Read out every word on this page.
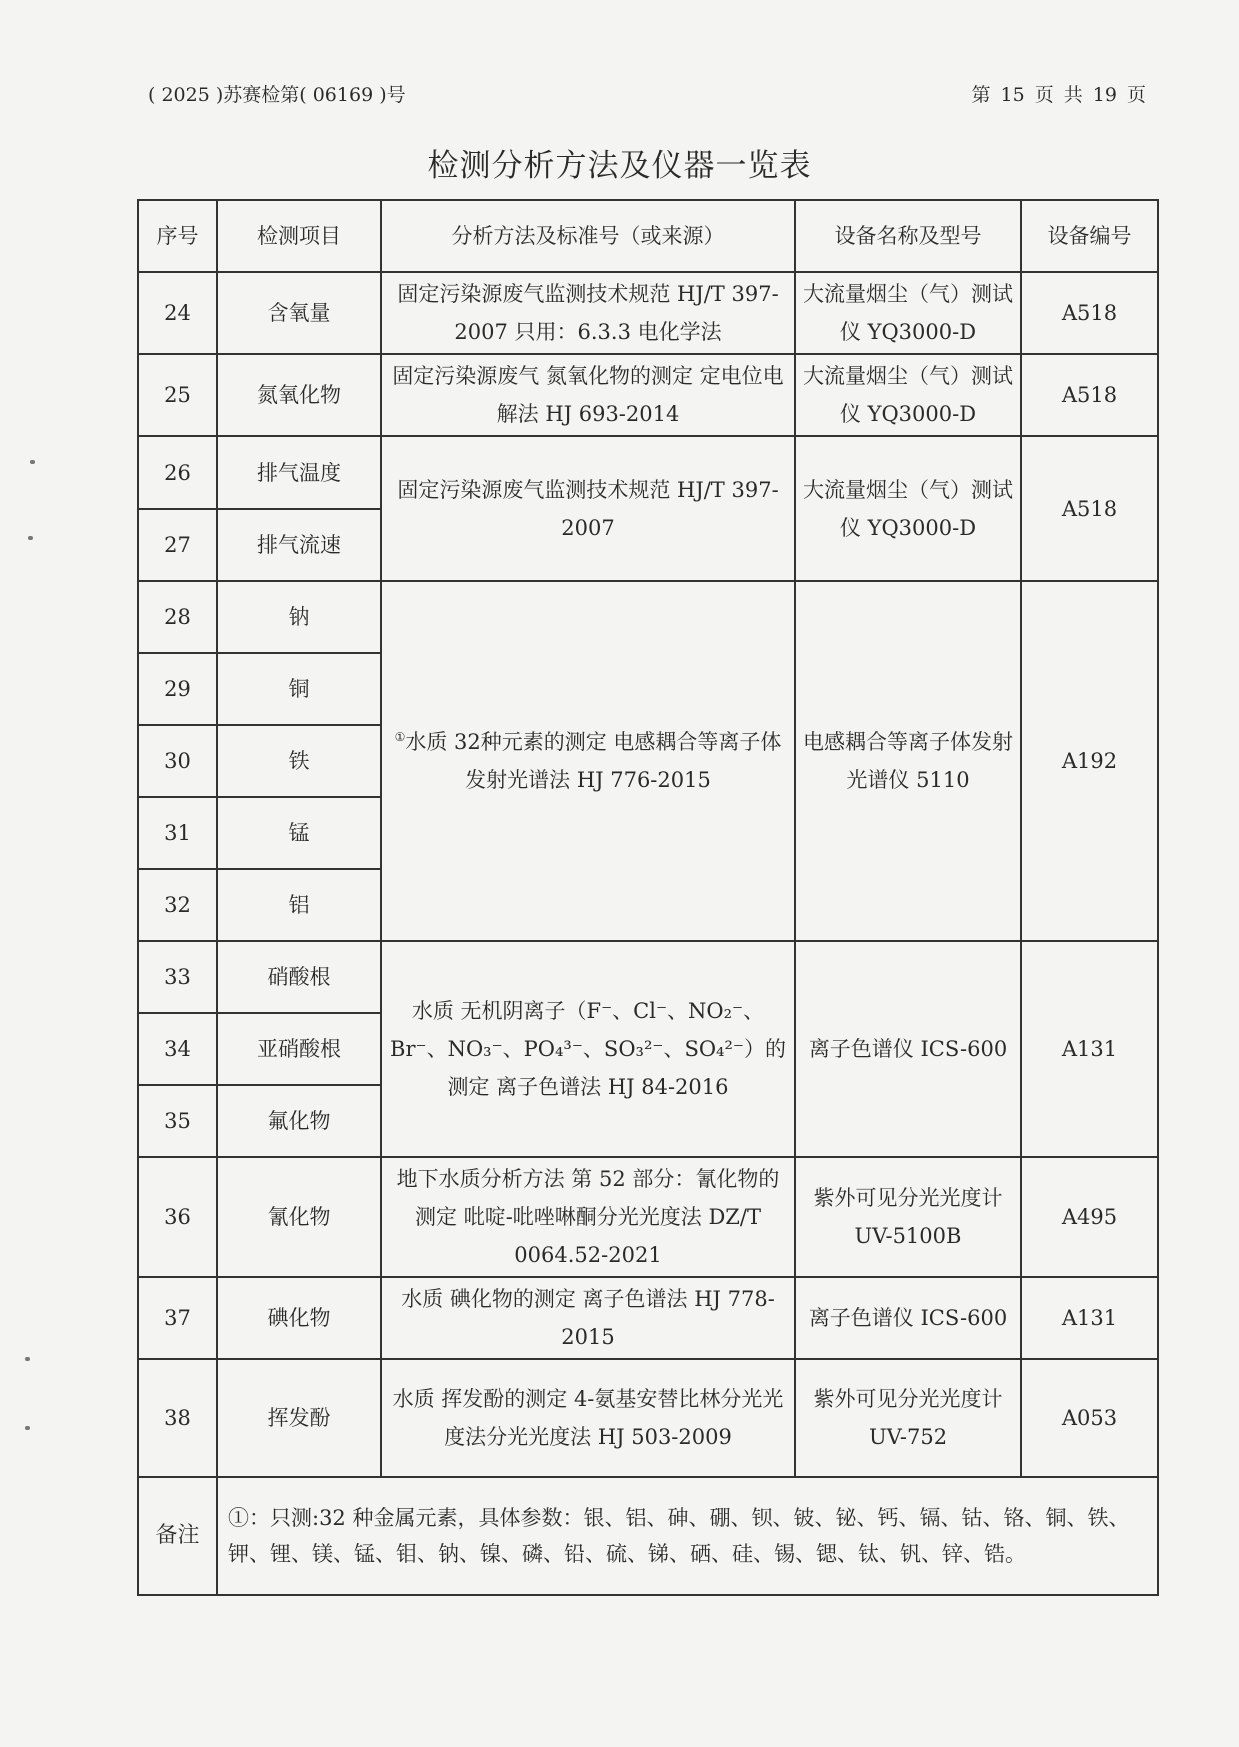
( 2025 )苏赛检第( 06169 )号	第 15 页 共 19 页
检测分析方法及仪器一览表
序号	检测项目	分析方法及标准号（或来源）	设备名称及型号	设备编号
24	含氧量	固定污染源废气监测技术规范 HJ/T 397-2007 只用：6.3.3 电化学法	大流量烟尘（气）测试仪 YQ3000-D	A518
25	氮氧化物	固定污染源废气 氮氧化物的测定 定电位电解法 HJ 693-2014	大流量烟尘（气）测试仪 YQ3000-D	A518
26	排气温度	固定污染源废气监测技术规范 HJ/T 397-2007	大流量烟尘（气）测试仪 YQ3000-D	A518
27	排气流速			
28	钠	①水质 32种元素的测定 电感耦合等离子体发射光谱法 HJ 776-2015	电感耦合等离子体发射光谱仪 5110	A192
29	铜			
30	铁			
31	锰			
32	铝			
33	硝酸根	水质 无机阴离子（F⁻、Cl⁻、NO₂⁻、Br⁻、NO₃⁻、PO₄³⁻、SO₃²⁻、SO₄²⁻）的测定 离子色谱法 HJ 84-2016	离子色谱仪 ICS-600	A131
34	亚硝酸根			
35	氟化物			
36	氰化物	地下水质分析方法 第 52 部分：氰化物的测定 吡啶-吡唑啉酮分光光度法 DZ/T 0064.52-2021	紫外可见分光光度计 UV-5100B	A495
37	碘化物	水质 碘化物的测定 离子色谱法 HJ 778-2015	离子色谱仪 ICS-600	A131
38	挥发酚	水质 挥发酚的测定 4-氨基安替比林分光光度法分光光度法 HJ 503-2009	紫外可见分光光度计 UV-752	A053
备注	①：只测:32 种金属元素，具体参数：银、铝、砷、硼、钡、铍、铋、钙、镉、钴、铬、铜、铁、钾、锂、镁、锰、钼、钠、镍、磷、铅、硫、锑、硒、硅、锡、锶、钛、钒、锌、锆。			
